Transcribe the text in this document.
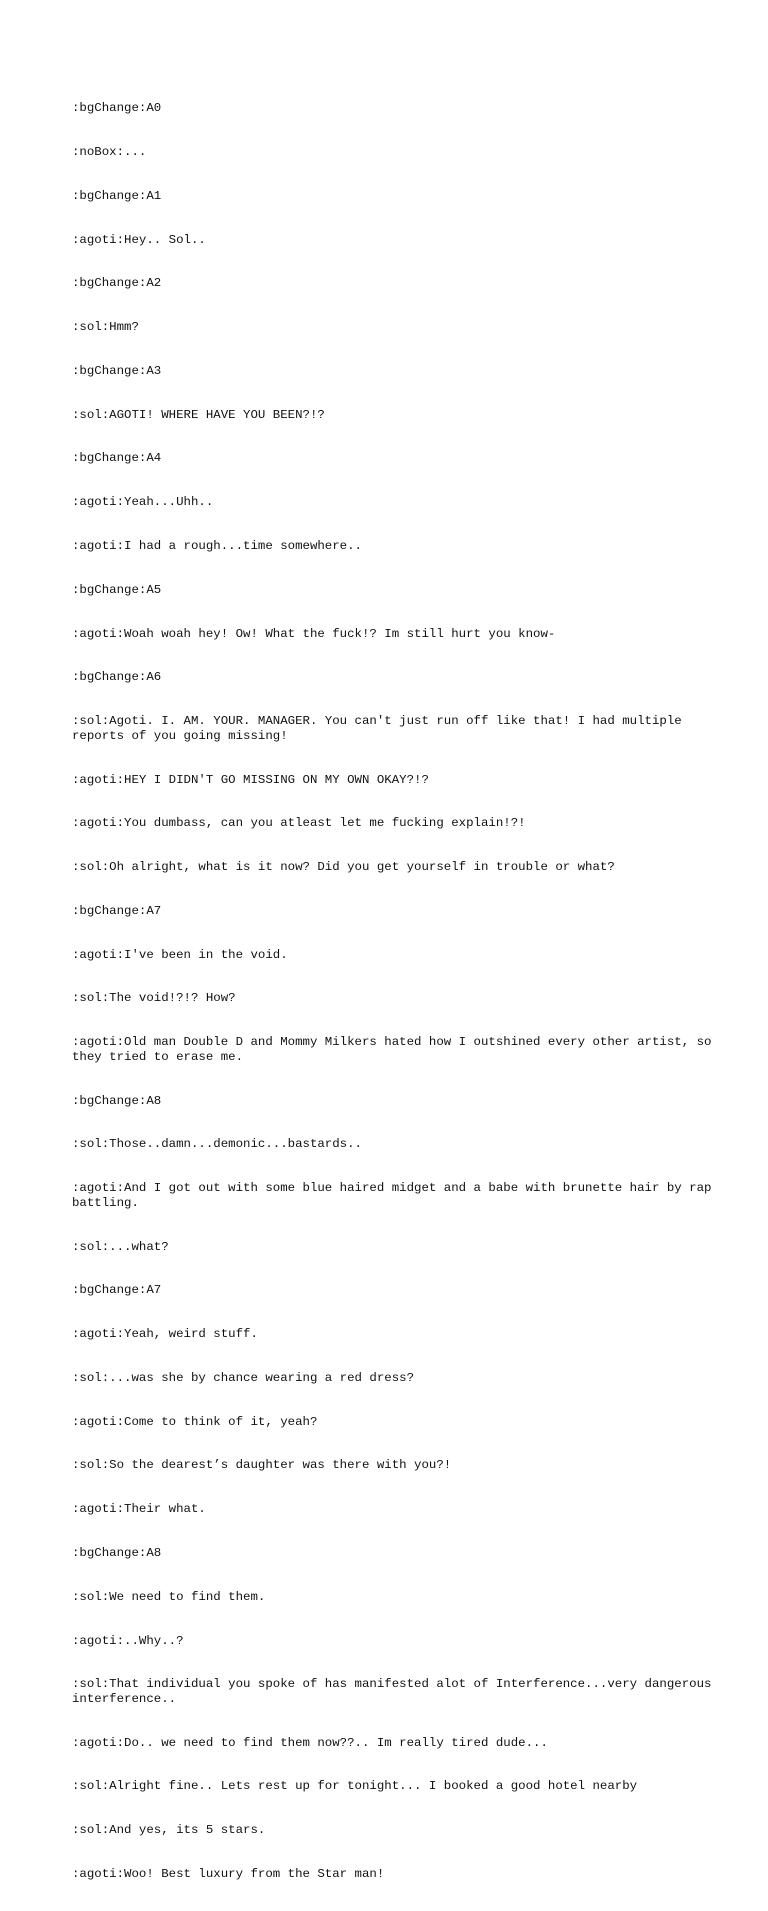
:bgChange:A0

:noBox:...

:bgChange:A1

:agoti:Hey.. Sol..

:bgChange:A2

:sol:Hmm?

:bgChange:A3

:sol:AGOTI! WHERE HAVE YOU BEEN?!?

:bgChange:A4

:agoti:Yeah...Uhh..

:agoti:I had a rough...time somewhere..

:bgChange:A5

:agoti:Woah woah hey! Ow! What the fuck!? Im still hurt you know-

:bgChange:A6

:sol:Agoti. I. AM. YOUR. MANAGER. You can't just run off like that! I had multiple reports of you going missing!

:agoti:HEY I DIDN'T GO MISSING ON MY OWN OKAY?!?

:agoti:You dumbass, can you atleast let me fucking explain!?!

:sol:Oh alright, what is it now? Did you get yourself in trouble or what?

:bgChange:A7

:agoti:I've been in the void.

:sol:The void!?!? How?

:agoti:Old man Double D and Mommy Milkers hated how I outshined every other artist, so they tried to erase me.

:bgChange:A8

:sol:Those..damn...demonic...bastards..

:agoti:And I got out with some blue haired midget and a babe with brunette hair by rap battling.

:sol:...what?

:bgChange:A7

:agoti:Yeah, weird stuff.

:sol:...was she by chance wearing a red dress?

:agoti:Come to think of it, yeah?

:sol:So the dearest’s daughter was there with you?!

:agoti:Their what.

:bgChange:A8

:sol:We need to find them.

:agoti:..Why..?

:sol:That individual you spoke of has manifested alot of Interference...very dangerous interference..

:agoti:Do.. we need to find them now??.. Im really tired dude...

:sol:Alright fine.. Lets rest up for tonight... I booked a good hotel nearby

:sol:And yes, its 5 stars.

:agoti:Woo! Best luxury from the Star man!
